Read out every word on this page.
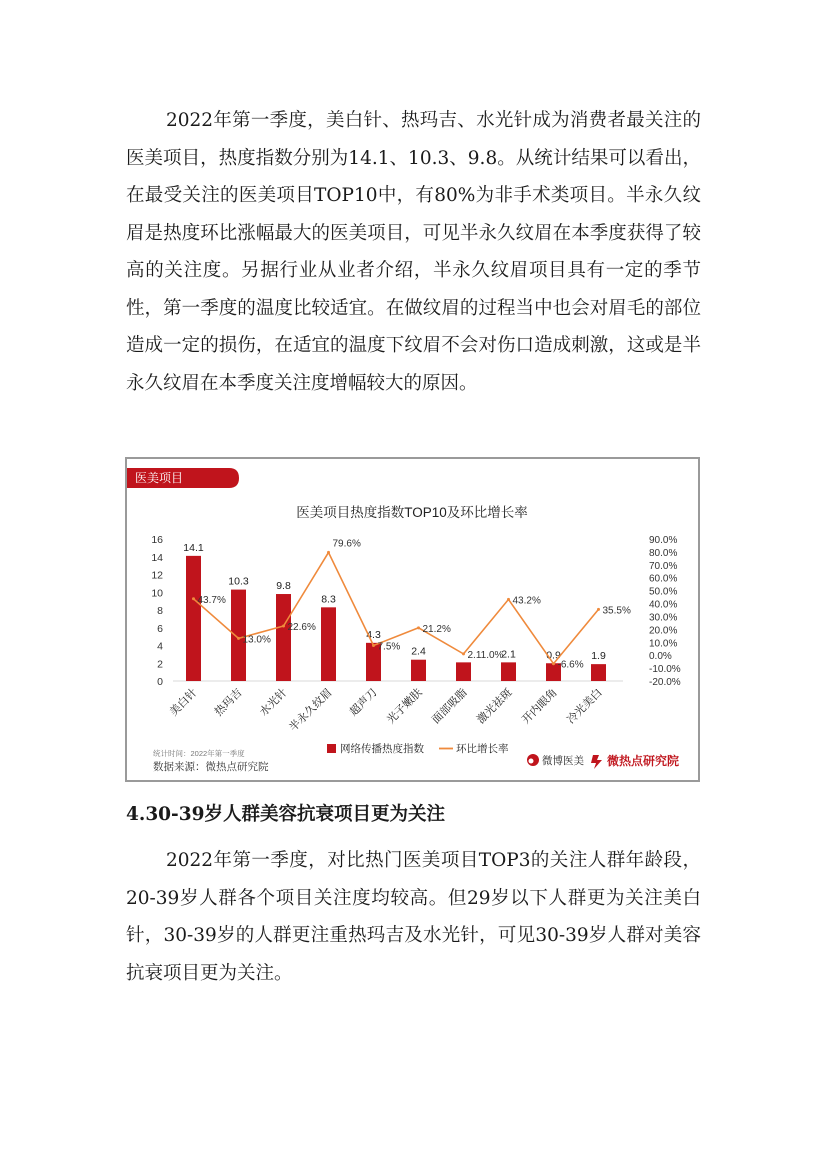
2022年第一季度，美白针、热玛吉、水光针成为消费者最关注的医美项目，热度指数分别为14.1、10.3、9.8。从统计结果可以看出，在最受关注的医美项目TOP10中，有80%为非手术类项目。半永久纹眉是热度环比涨幅最大的医美项目，可见半永久纹眉在本季度获得了较高的关注度。另据行业从业者介绍，半永久纹眉项目具有一定的季节性，第一季度的温度比较适宜。在做纹眉的过程当中也会对眉毛的部位造成一定的损伤，在适宜的温度下纹眉不会对伤口造成刺激，这或是半永久纹眉在本季度关注度增幅较大的原因。

医美项目
医美项目热度指数TOP10及环比增长率
0
2
4
6
8
10
12
14
16
-20.0%
-10.0%
0.0%
10.0%
20.0%
30.0%
40.0%
50.0%
60.0%
70.0%
80.0%
90.0%
14.1
10.3	9.8
8.3
4.3
2.4	2.1	0.9	1.9
43.7%
13.0%
22.6%
79.6%
7.5%
21.2%
2.11.0%
43.2%
-6.6%
35.5%
美白针 热玛吉 水光针
半永久纹眉 超声刀 光子嫩肤 面部吸脂 激光祛斑 开内眼角 冷光美白
网络传播热度指数	环比增长率
统计时间：2022年第一季度
数据来源：微热点研究院	微博医美 微热点研究院
4.30-39岁人群美容抗衰项目更为关注

2022年第一季度，对比热门医美项目TOP3的关注人群年龄段，20-39岁人群各个项目关注度均较高。但29岁以下人群更为关注美白针，30-39岁的人群更注重热玛吉及水光针，可见30-39岁人群对美容抗衰项目更为关注。
